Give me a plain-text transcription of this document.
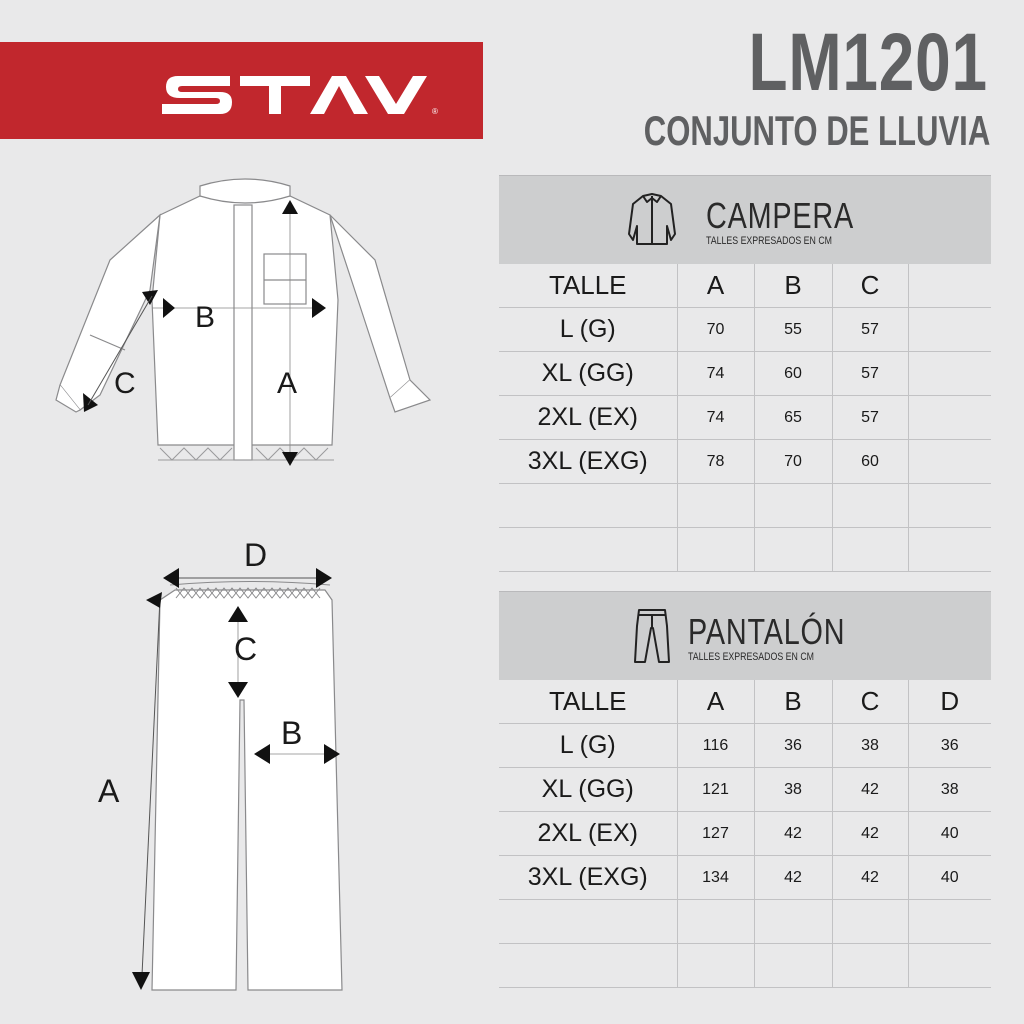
®
LM1201
CONJUNTO DE LLUVIA
B
A
C
D
C
B
A
CAMPERA
TALLES EXPRESADOS EN CM
TALLE	A	B	C	
L (G)	70	55	57	
XL (GG)	74	60	57	
2XL (EX)	74	65	57	
3XL (EXG)	78	70	60	

PANTALÓN
TALLES EXPRESADOS EN CM
TALLE	A	B	C	D
L (G)	116	36	38	36
XL (GG)	121	38	42	38
2XL (EX)	127	42	42	40
3XL (EXG)	134	42	42	40
